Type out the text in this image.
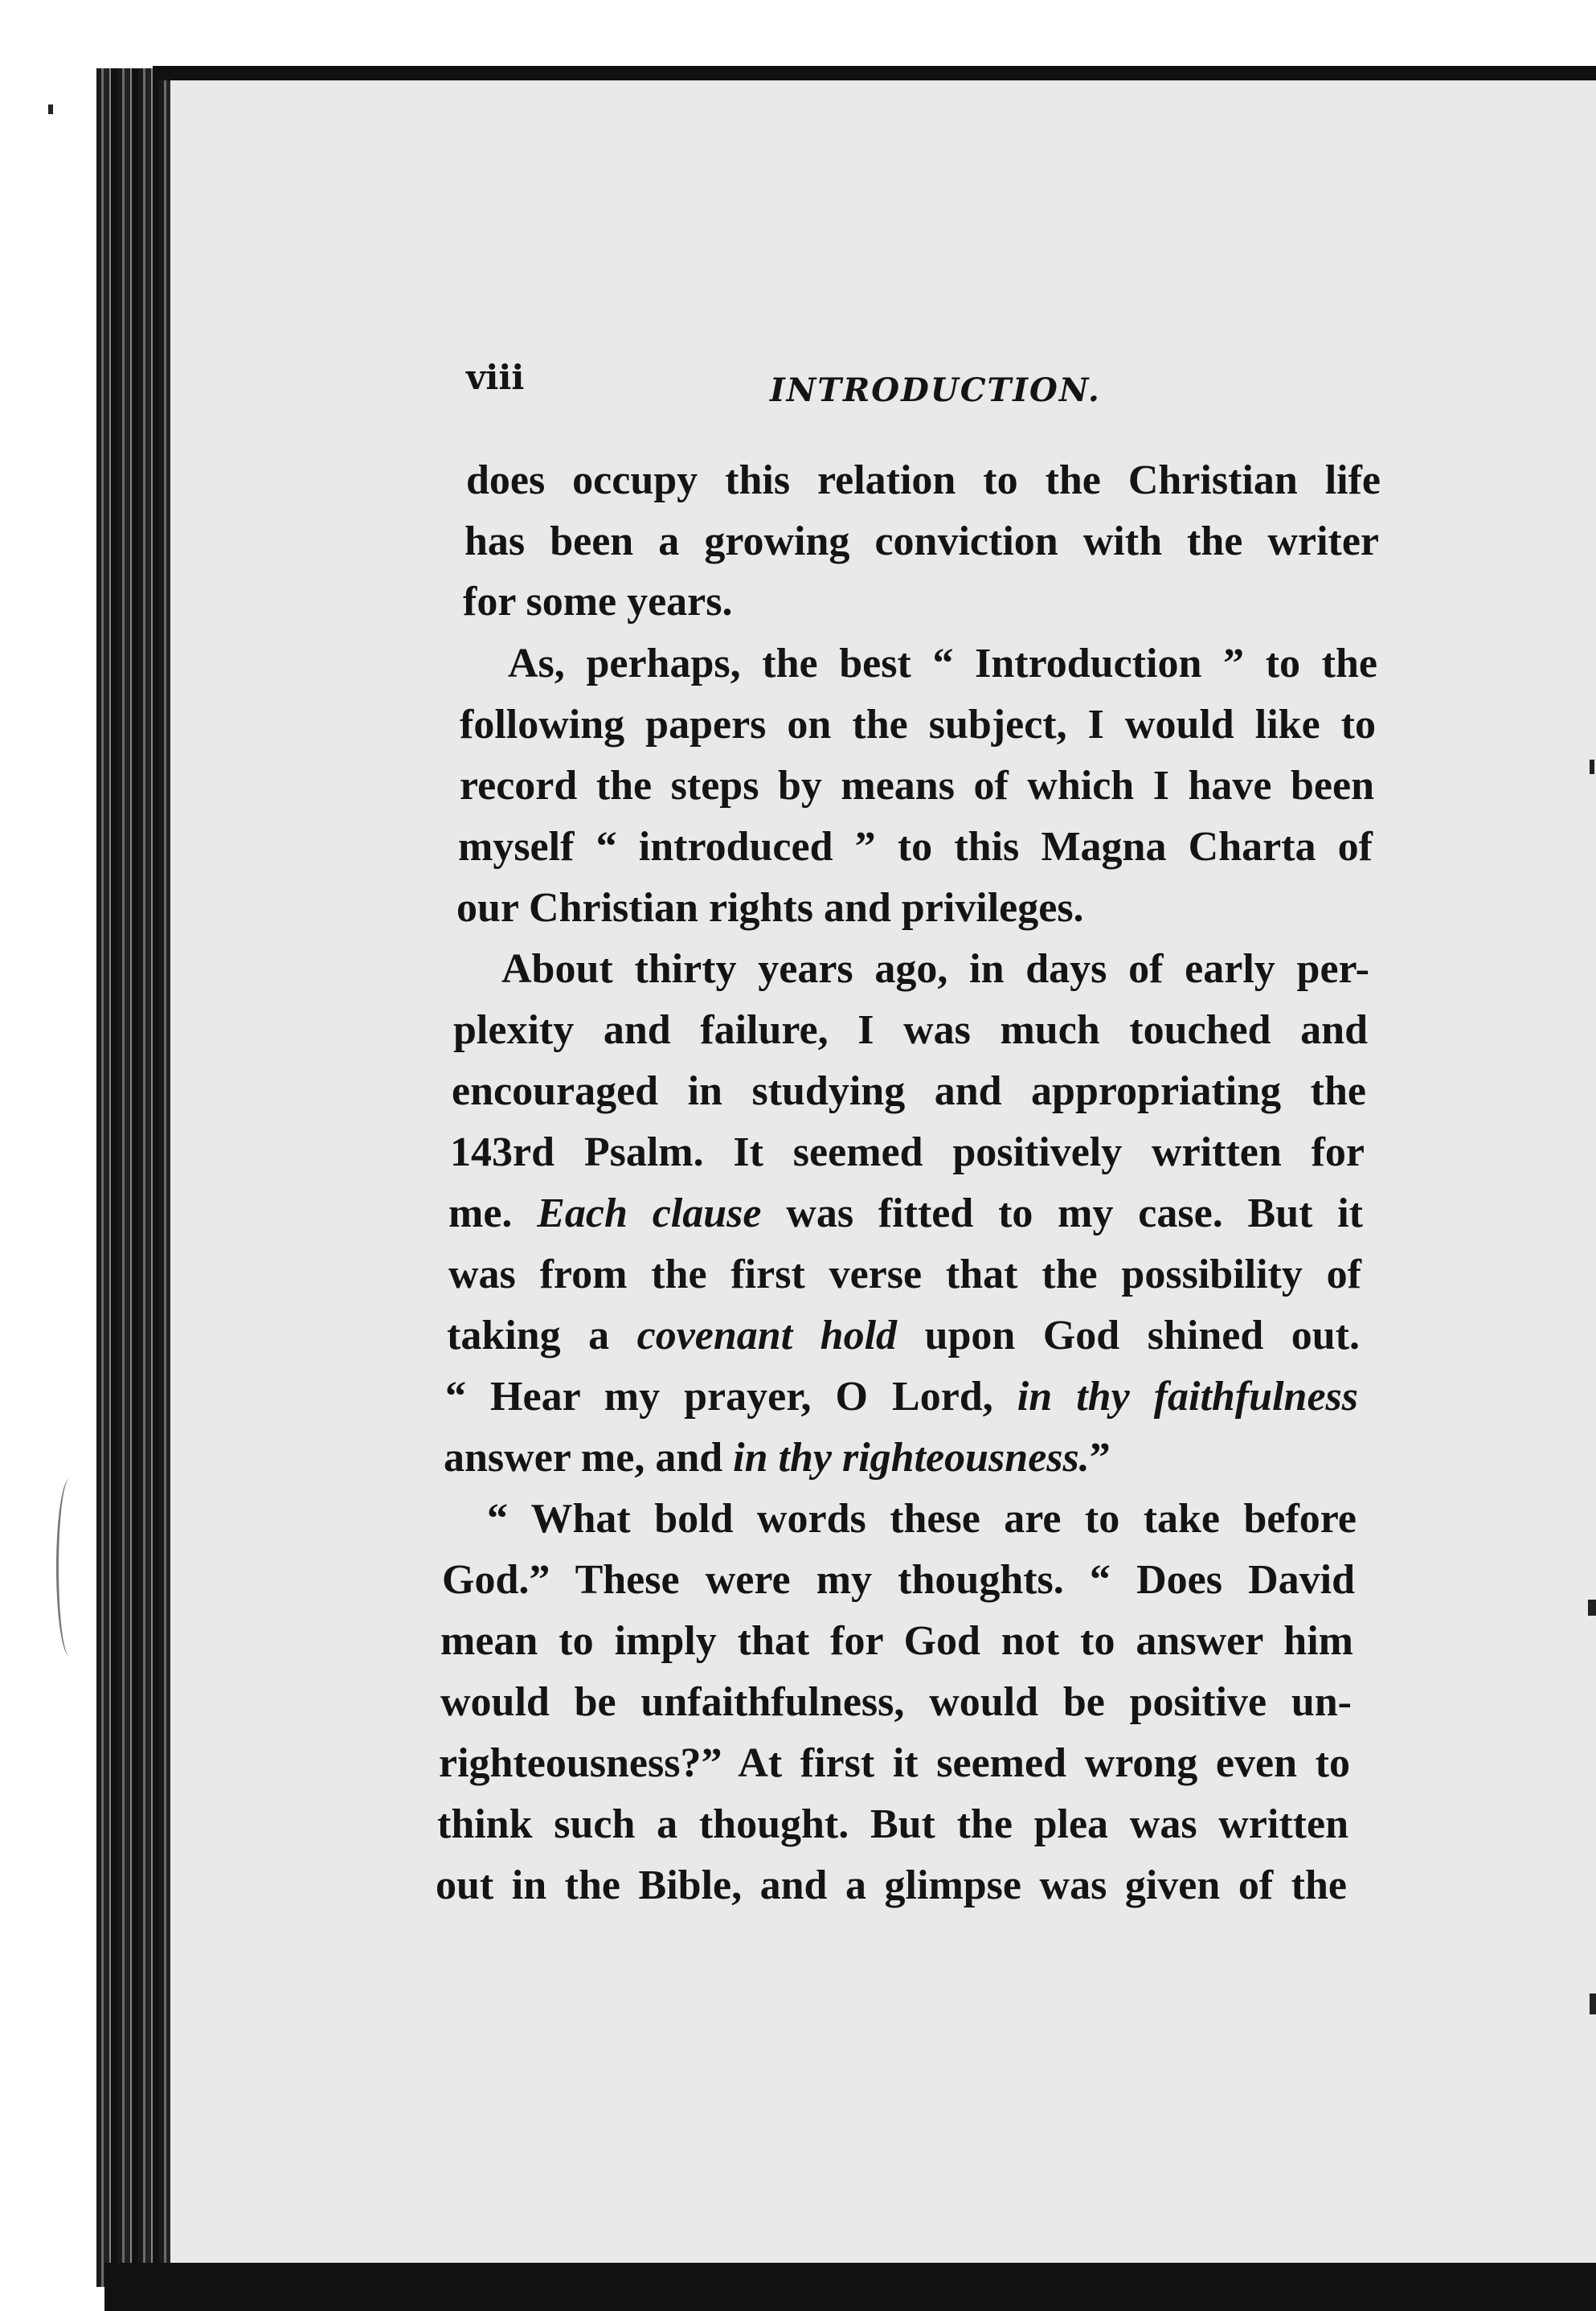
viii	INTRODUCTION.
does occupy this relation to the Christian life
has been a growing conviction with the writer
for some years.
As, perhaps, the best “ Introduction ” to the
following papers on the subject, I would like to
record the steps by means of which I have been
myself “ introduced ” to this Magna Charta of
our Christian rights and privileges.
About thirty years ago, in days of early per-
plexity and failure, I was much touched and
encouraged in studying and appropriating the
143rd Psalm. It seemed positively written for
me. Each clause was fitted to my case. But it
was from the first verse that the possibility of
taking a covenant hold upon God shined out.
“ Hear my prayer, O Lord, in thy faithfulness
answer me, and in thy righteousness.”
“ What bold words these are to take before
God.” These were my thoughts. “ Does David
mean to imply that for God not to answer him
would be unfaithfulness, would be positive un-
righteousness?” At first it seemed wrong even to
think such a thought. But the plea was written
out in the Bible, and a glimpse was given of the
